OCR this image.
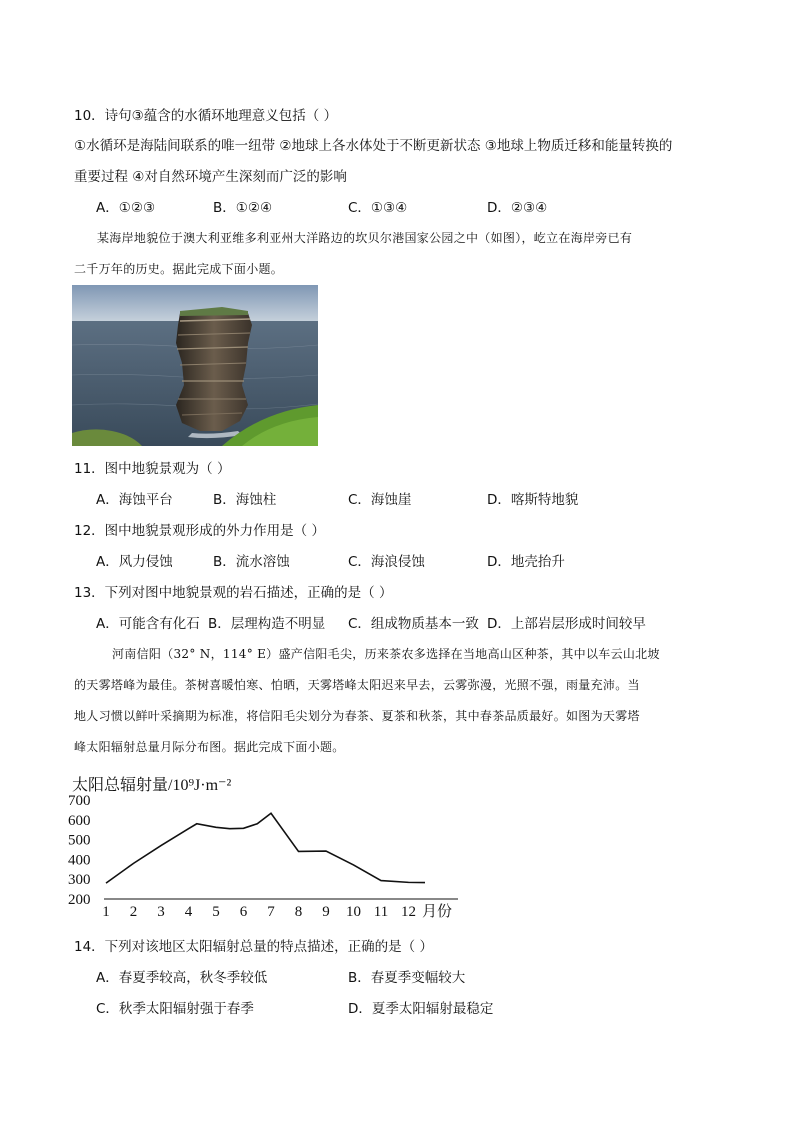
10．诗句③蕴含的水循环地理意义包括（ ）
①水循环是海陆间联系的唯一纽带 ②地球上各水体处于不断更新状态 ③地球上物质迁移和能量转换的
重要过程 ④对自然环境产生深刻而广泛的影响
A．①②③	B．①②④	C．①③④	D．②③④
某海岸地貌位于澳大利亚维多利亚州大洋路边的坎贝尔港国家公园之中（如图），屹立在海岸旁已有
二千万年的历史。据此完成下面小题。
11．图中地貌景观为（ ）
A．海蚀平台	B．海蚀柱	C．海蚀崖	D．喀斯特地貌
12．图中地貌景观形成的外力作用是（ ）
A．风力侵蚀	B．流水溶蚀	C．海浪侵蚀	D．地壳抬升
13．下列对图中地貌景观的岩石描述，正确的是（ ）
A．可能含有化石 B．层理构造不明显 C．组成物质基本一致 D．上部岩层形成时间较早
河南信阳（32° N，114° E）盛产信阳毛尖，历来茶农多选择在当地高山区种茶，其中以车云山北坡
的天雾塔峰为最佳。茶树喜暖怕寒、怕晒，天雾塔峰太阳迟来早去，云雾弥漫，光照不强，雨量充沛。当
地人习惯以鲜叶采摘期为标准，将信阳毛尖划分为春茶、夏茶和秋茶，其中春茶品质最好。如图为天雾塔
峰太阳辐射总量月际分布图。据此完成下面小题。
太阳总辐射量/10⁹J·m⁻²
200
300
400
500
600
700
1 2 3 4 5 6 7 8 9 10 11 12 月份
14．下列对该地区太阳辐射总量的特点描述，正确的是（ ）
A．春夏季较高，秋冬季较低	B．春夏季变幅较大
C．秋季太阳辐射强于春季	D．夏季太阳辐射最稳定
